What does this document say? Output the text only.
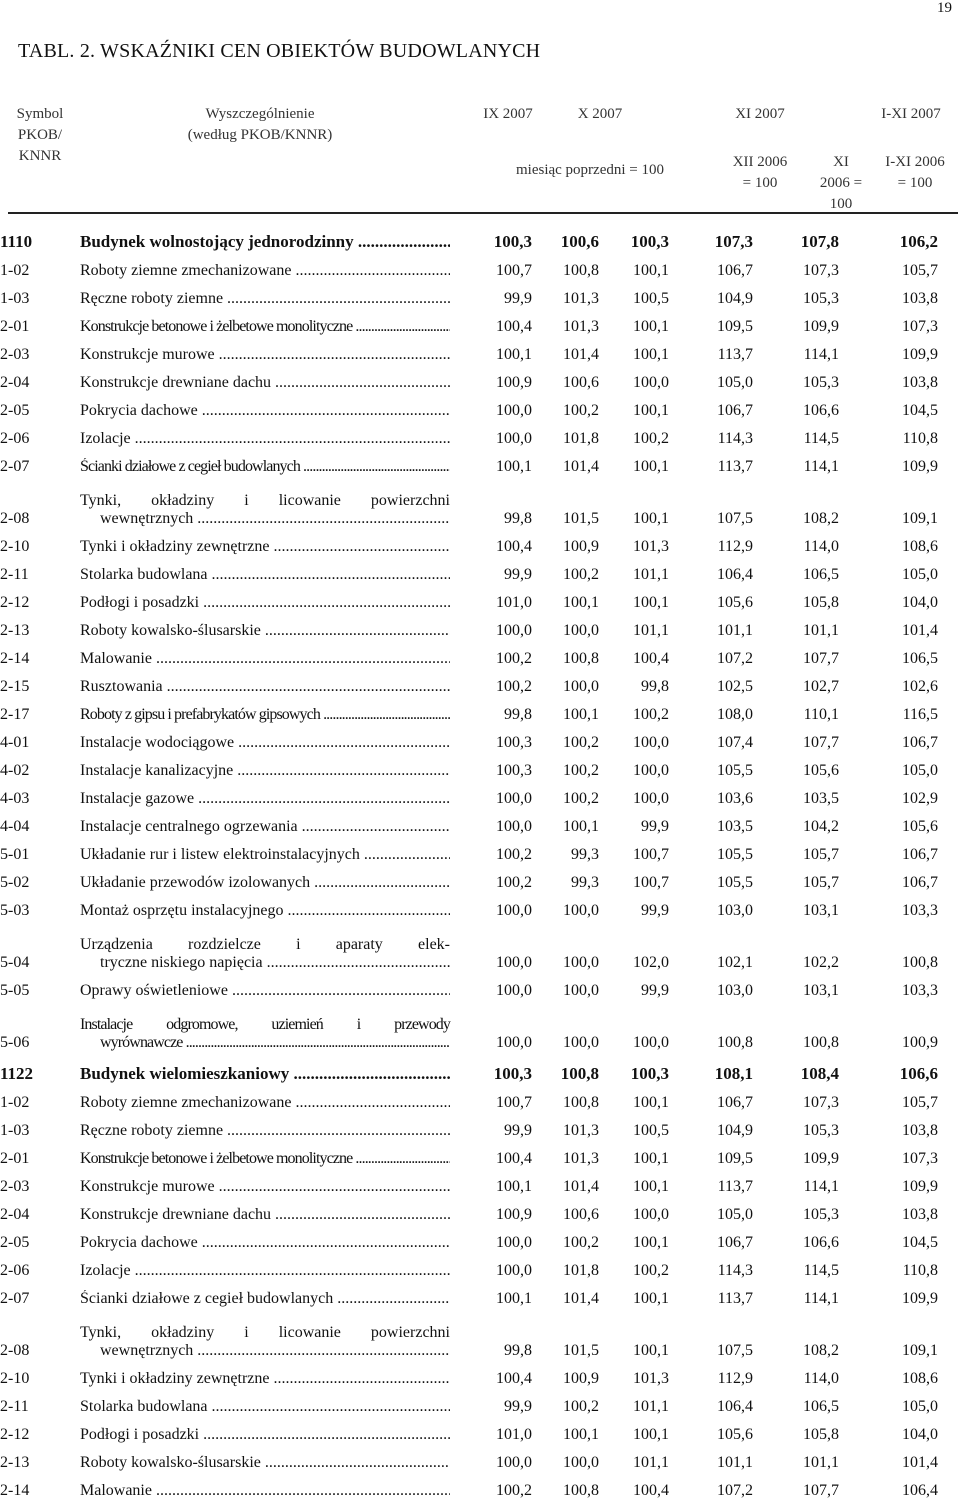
19
TABL. 2. WSKAŹNIKI CEN OBIEKTÓW BUDOWLANYCH
Symbol
PKOB/
KNNR
Wyszczególnienie
(według PKOB/KNNR)
IX 2007	X 2007	XI 2007	I-XI 2007
miesiąc poprzedni = 100	XII 2006
= 100
XI
2006 =
100
I-XI 2006
= 100
1110	Budynek wolnostojący jednorodzinny .....	100,3	100,6	100,3	107,3	107,8	106,2
1-02	Roboty ziemne zmechanizowane .....	100,7	100,8	100,1	106,7	107,3	105,7
1-03	Ręczne roboty ziemne .....	99,9	101,3	100,5	104,9	105,3	103,8
2-01	Konstrukcje betonowe i żelbetowe monolityczne .....	100,4	101,3	100,1	109,5	109,9	107,3
2-03	Konstrukcje murowe .....	100,1	101,4	100,1	113,7	114,1	109,9
2-04	Konstrukcje drewniane dachu .....	100,9	100,6	100,0	105,0	105,3	103,8
2-05	Pokrycia dachowe .....	100,0	100,2	100,1	106,7	106,6	104,5
2-06	Izolacje .....	100,0	101,8	100,2	114,3	114,5	110,8
2-07	Ścianki działowe z cegieł budowlanych .....	100,1	101,4	100,1	113,7	114,1	109,9
2-08	Tynki, okładziny i licowanie powierzchni
wewnętrznych .....	99,8	101,5	100,1	107,5	108,2	109,1
2-10	Tynki i okładziny zewnętrzne .....	100,4	100,9	101,3	112,9	114,0	108,6
2-11	Stolarka budowlana .....	99,9	100,2	101,1	106,4	106,5	105,0
2-12	Podłogi i posadzki .....	101,0	100,1	100,1	105,6	105,8	104,0
2-13	Roboty kowalsko-ślusarskie .....	100,0	100,0	101,1	101,1	101,1	101,4
2-14	Malowanie .....	100,2	100,8	100,4	107,2	107,7	106,5
2-15	Rusztowania .....	100,2	100,0	99,8	102,5	102,7	102,6
2-17	Roboty z gipsu i prefabrykatów gipsowych .....	99,8	100,1	100,2	108,0	110,1	116,5
4-01	Instalacje wodociągowe .....	100,3	100,2	100,0	107,4	107,7	106,7
4-02	Instalacje kanalizacyjne .....	100,3	100,2	100,0	105,5	105,6	105,0
4-03	Instalacje gazowe .....	100,0	100,2	100,0	103,6	103,5	102,9
4-04	Instalacje centralnego ogrzewania .....	100,0	100,1	99,9	103,5	104,2	105,6
5-01	Układanie rur i listew elektroinstalacyjnych .....	100,2	99,3	100,7	105,5	105,7	106,7
5-02	Układanie przewodów izolowanych .....	100,2	99,3	100,7	105,5	105,7	106,7
5-03	Montaż osprzętu instalacyjnego .....	100,0	100,0	99,9	103,0	103,1	103,3
5-04	Urządzenia rozdzielcze i aparaty elek-
tryczne niskiego napięcia .....	100,0	100,0	102,0	102,1	102,2	100,8
5-05	Oprawy oświetleniowe .....	100,0	100,0	99,9	103,0	103,1	103,3
5-06	Instalacje odgromowe, uziemień i przewody
wyrównawcze .....	100,0	100,0	100,0	100,8	100,8	100,9
1122	Budynek wielomieszkaniowy .....	100,3	100,8	100,3	108,1	108,4	106,6
1-02	Roboty ziemne zmechanizowane .....	100,7	100,8	100,1	106,7	107,3	105,7
1-03	Ręczne roboty ziemne .....	99,9	101,3	100,5	104,9	105,3	103,8
2-01	Konstrukcje betonowe i żelbetowe monolityczne .....	100,4	101,3	100,1	109,5	109,9	107,3
2-03	Konstrukcje murowe .....	100,1	101,4	100,1	113,7	114,1	109,9
2-04	Konstrukcje drewniane dachu .....	100,9	100,6	100,0	105,0	105,3	103,8
2-05	Pokrycia dachowe .....	100,0	100,2	100,1	106,7	106,6	104,5
2-06	Izolacje .....	100,0	101,8	100,2	114,3	114,5	110,8
2-07	Ścianki działowe z cegieł budowlanych .....	100,1	101,4	100,1	113,7	114,1	109,9
2-08	Tynki, okładziny i licowanie powierzchni
wewnętrznych .....	99,8	101,5	100,1	107,5	108,2	109,1
2-10	Tynki i okładziny zewnętrzne .....	100,4	100,9	101,3	112,9	114,0	108,6
2-11	Stolarka budowlana .....	99,9	100,2	101,1	106,4	106,5	105,0
2-12	Podłogi i posadzki .....	101,0	100,1	100,1	105,6	105,8	104,0
2-13	Roboty kowalsko-ślusarskie .....	100,0	100,0	101,1	101,1	101,1	101,4
2-14	Malowanie .....	100,2	100,8	100,4	107,2	107,7	106,4
